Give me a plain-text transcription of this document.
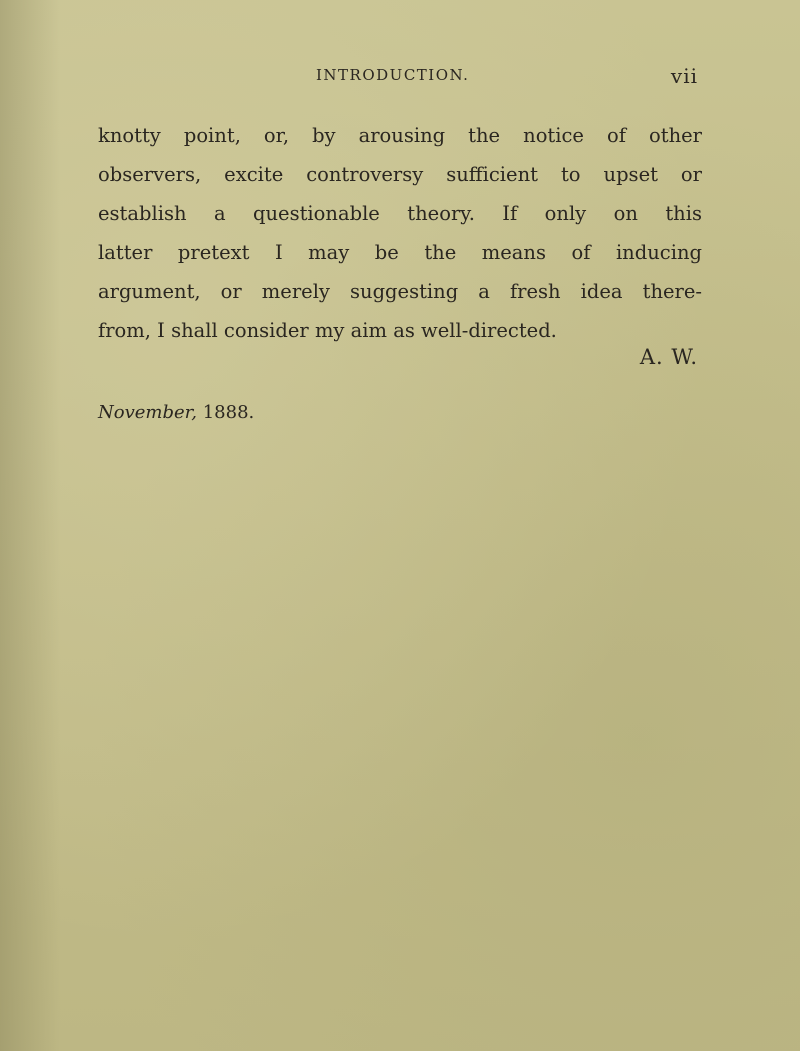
INTRODUCTION.	vii
knotty point, or, by arousing the notice of other
observers, excite controversy sufficient to upset or
establish a questionable theory. If only on this
latter pretext I may be the means of inducing
argument, or merely suggesting a fresh idea there-
from, I shall consider my aim as well-directed.
A. W.
November, 1888.
